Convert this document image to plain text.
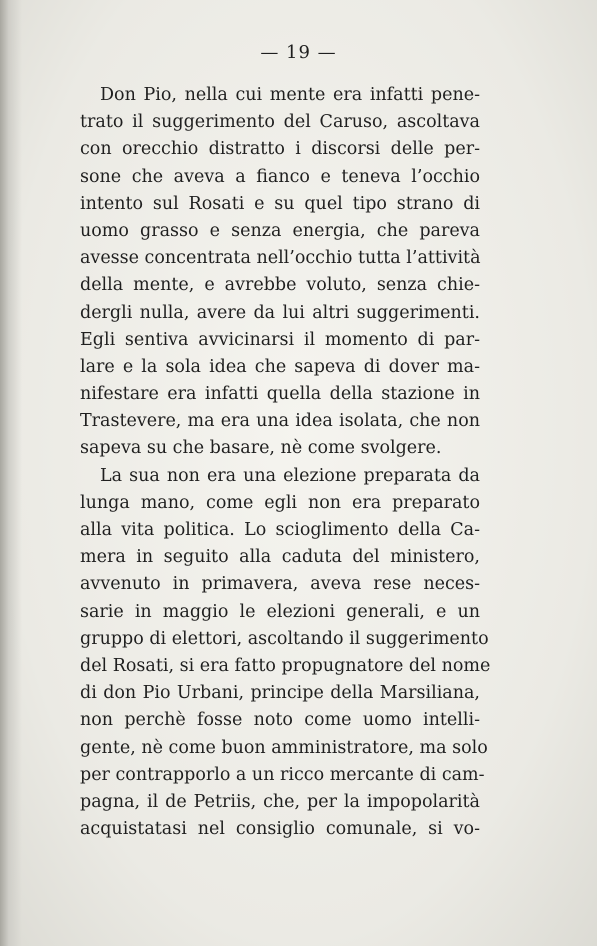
— 19 —
Don Pio, nella cui mente era infatti pene-
trato il suggerimento del Caruso, ascoltava
con orecchio distratto i discorsi delle per-
sone che aveva a fianco e teneva l’occhio
intento sul Rosati e su quel tipo strano di
uomo grasso e senza energia, che pareva
avesse concentrata nell’occhio tutta l’attività
della mente, e avrebbe voluto, senza chie-
dergli nulla, avere da lui altri suggerimenti.
Egli sentiva avvicinarsi il momento di par-
lare e la sola idea che sapeva di dover ma-
nifestare era infatti quella della stazione in
Trastevere, ma era una idea isolata, che non
sapeva su che basare, nè come svolgere.
La sua non era una elezione preparata da
lunga mano, come egli non era preparato
alla vita politica. Lo scioglimento della Ca-
mera in seguito alla caduta del ministero,
avvenuto in primavera, aveva rese neces-
sarie in maggio le elezioni generali, e un
gruppo di elettori, ascoltando il suggerimento
del Rosati, si era fatto propugnatore del nome
di don Pio Urbani, principe della Marsiliana,
non perchè fosse noto come uomo intelli-
gente, nè come buon amministratore, ma solo
per contrapporlo a un ricco mercante di cam-
pagna, il de Petriis, che, per la impopolarità
acquistatasi nel consiglio comunale, si vo-
